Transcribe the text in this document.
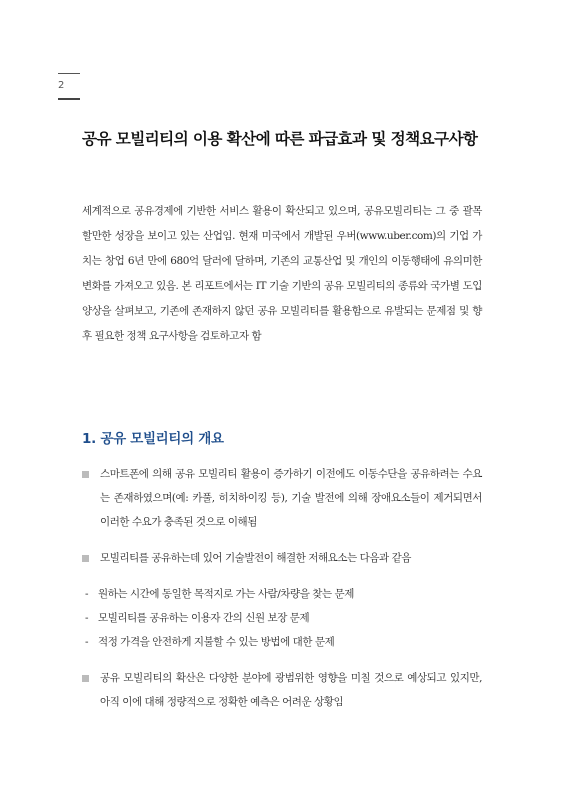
2
공유 모빌리티의 이용 확산에 따른 파급효과 및 정책요구사항

세계적으로 공유경제에 기반한 서비스 활용이 확산되고 있으며, 공유모빌리티는 그 중 괄목할만한 성장을 보이고 있는 산업임. 현재 미국에서 개발된 우버(www.uber.com)의 기업 가치는 창업 6년 만에 680억 달러에 달하며, 기존의 교통산업 및 개인의 이동행태에 유의미한 변화를 가져오고 있음. 본 리포트에서는 IT 기술 기반의 공유 모빌리티의 종류와 국가별 도입 양상을 살펴보고, 기존에 존재하지 않던 공유 모빌리티를 활용함으로 유발되는 문제점 및 향후 필요한 정책 요구사항을 검토하고자 함

1. 공유 모빌리티의 개요
스마트폰에 의해 공유 모빌리티 활용이 증가하기 이전에도 이동수단을 공유하려는 수요는 존재하였으며(예: 카풀, 히치하이킹 등), 기술 발전에 의해 장애요소들이 제거되면서 이러한 수요가 충족된 것으로 이해됨
모빌리티를 공유하는데 있어 기술발전이 해결한 저해요소는 다음과 같음
- 원하는 시간에 동일한 목적지로 가는 사람/차량을 찾는 문제
- 모빌리티를 공유하는 이용자 간의 신원 보장 문제
- 적정 가격을 안전하게 지불할 수 있는 방법에 대한 문제
공유 모빌리티의 확산은 다양한 분야에 광범위한 영향을 미칠 것으로 예상되고 있지만, 아직 이에 대해 정량적으로 정확한 예측은 어려운 상황임
